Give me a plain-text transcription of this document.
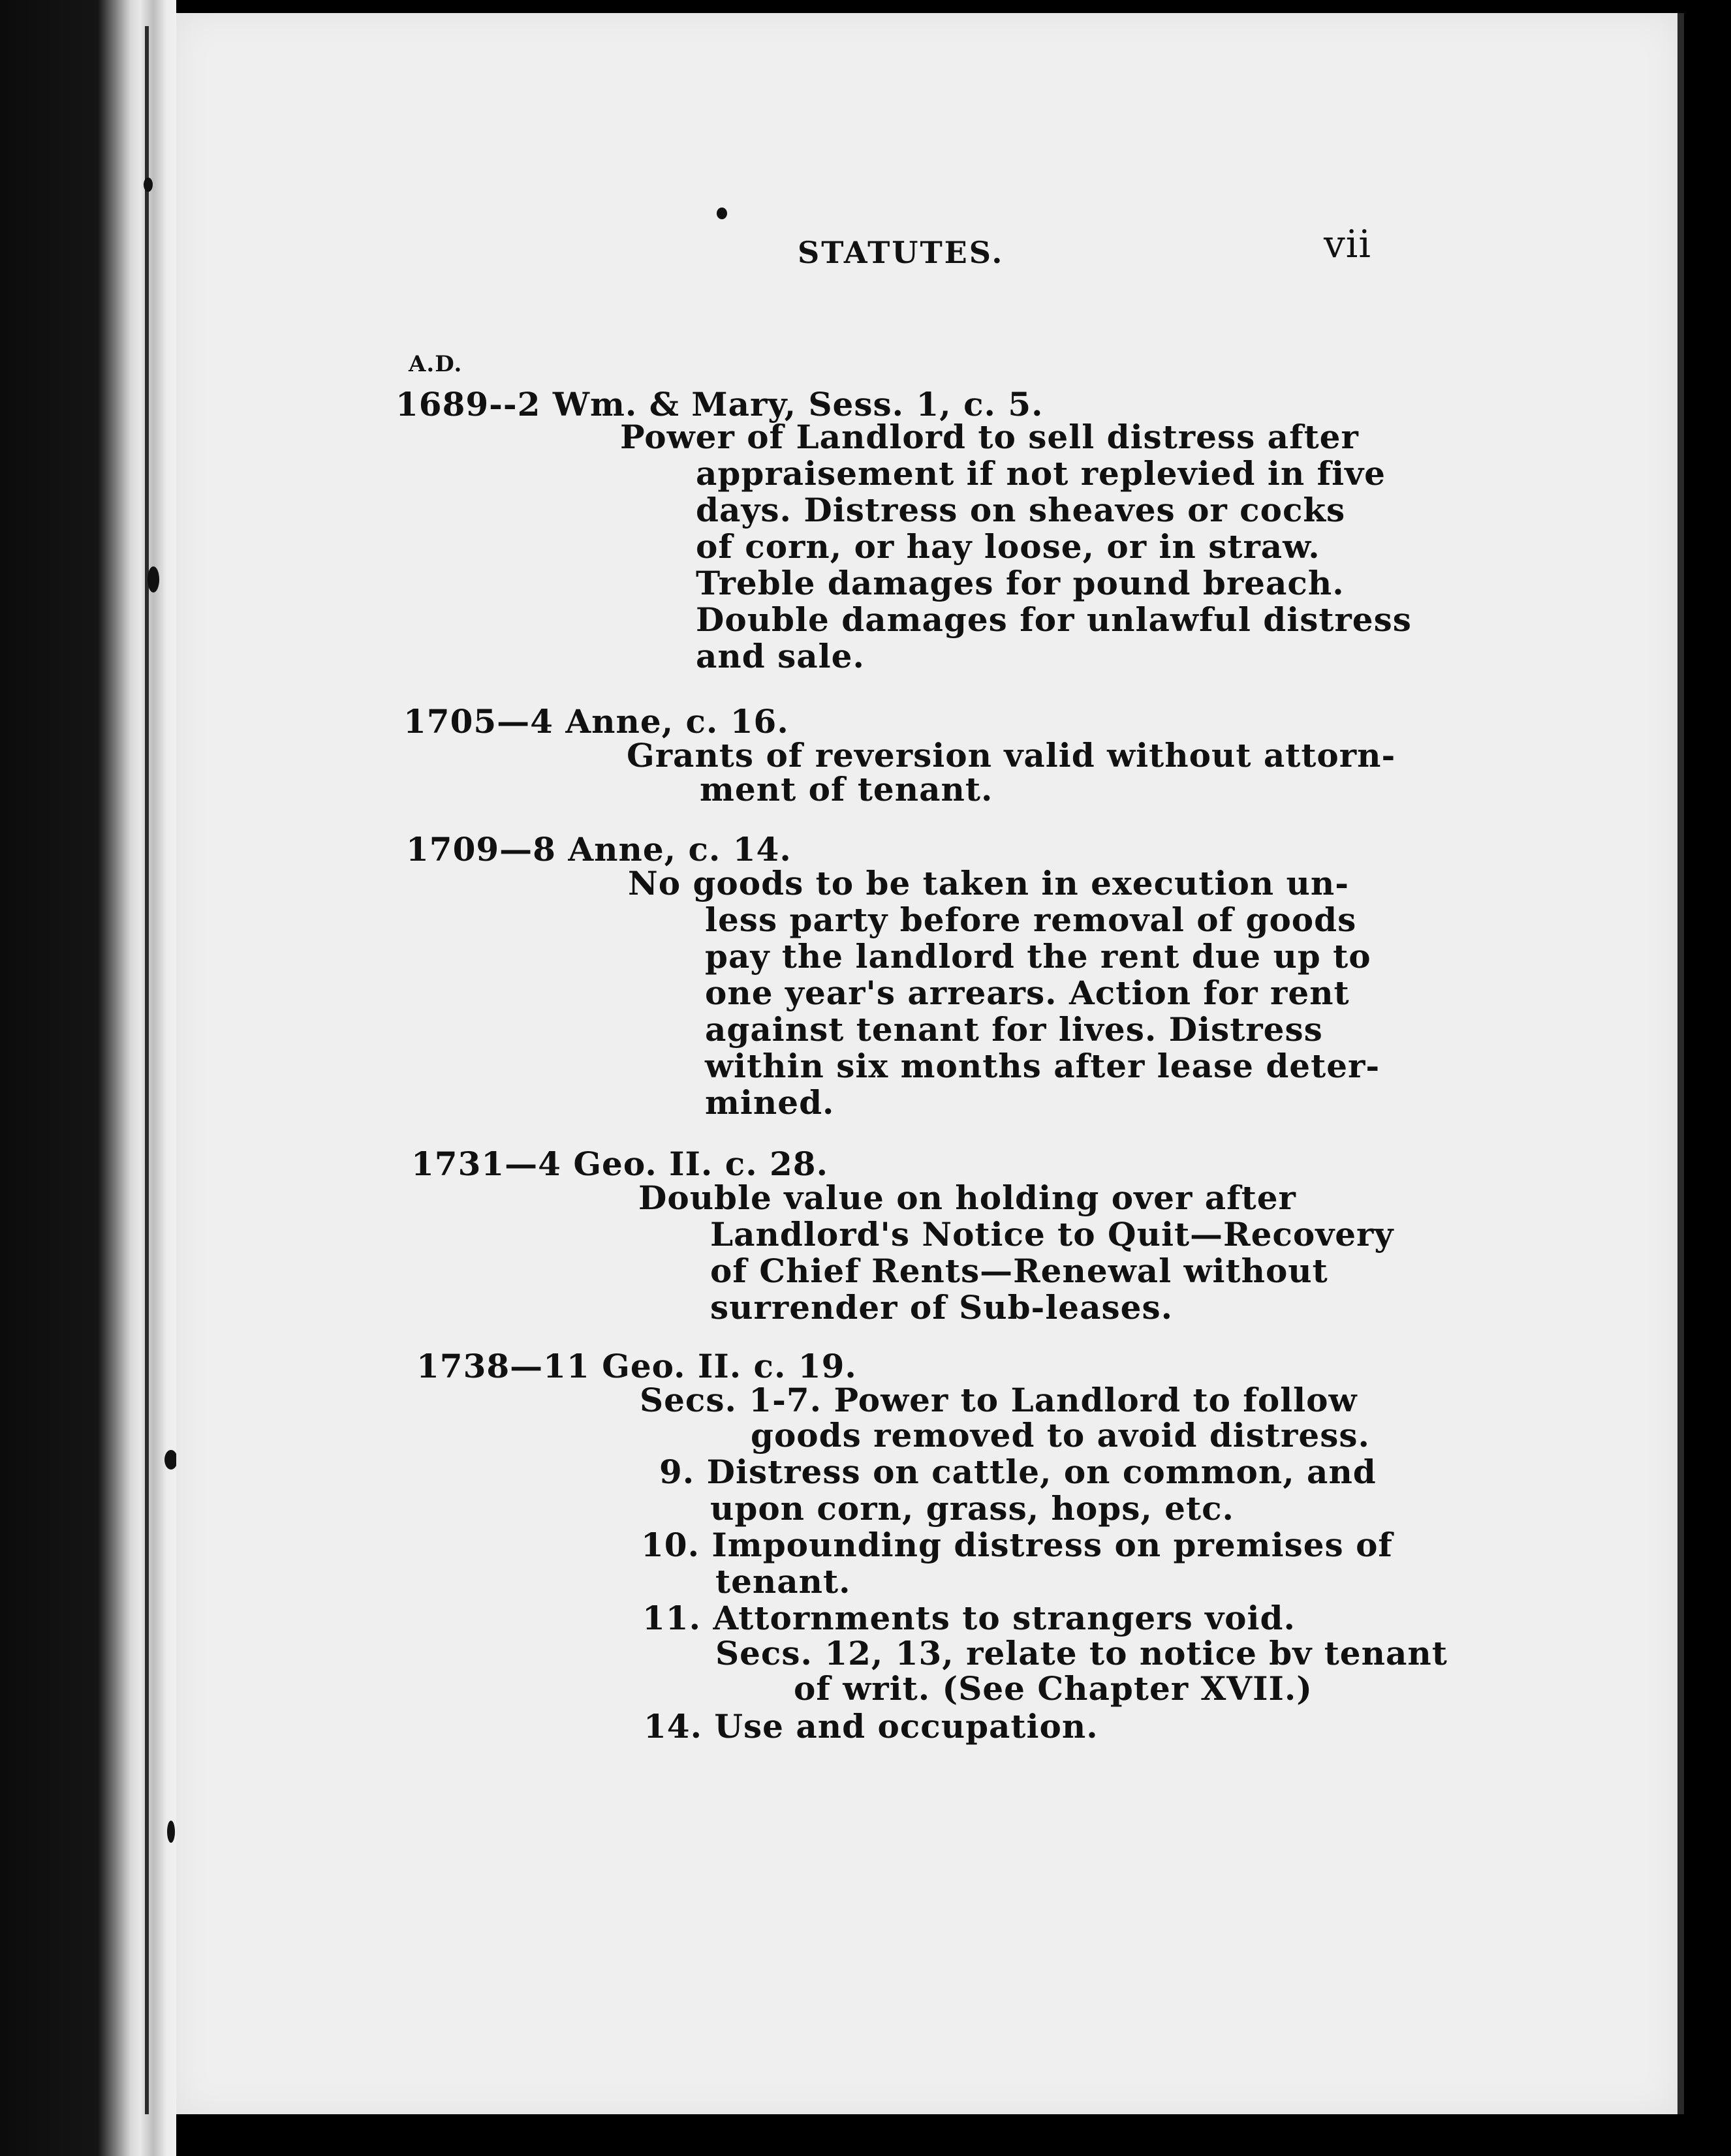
STATUTES.	vii
A.D.
1689--2 Wm. & Mary, Sess. 1, c. 5.
Power of Landlord to sell distress after
appraisement if not replevied in five
days. Distress on sheaves or cocks
of corn, or hay loose, or in straw.
Treble damages for pound breach.
Double damages for unlawful distress
and sale.
1705—4 Anne, c. 16.
Grants of reversion valid without attorn-
ment of tenant.
1709—8 Anne, c. 14.
No goods to be taken in execution un-
less party before removal of goods
pay the landlord the rent due up to
one year's arrears. Action for rent
against tenant for lives. Distress
within six months after lease deter-
mined.
1731—4 Geo. II. c. 28.
Double value on holding over after
Landlord's Notice to Quit—Recovery
of Chief Rents—Renewal without
surrender of Sub-leases.
1738—11 Geo. II. c. 19.
Secs. 1-7. Power to Landlord to follow
goods removed to avoid distress.
9. Distress on cattle, on common, and
upon corn, grass, hops, etc.
10. Impounding distress on premises of
tenant.
11. Attornments to strangers void.
Secs. 12, 13, relate to notice bv tenant
of writ. (See Chapter XVII.)
14. Use and occupation.
